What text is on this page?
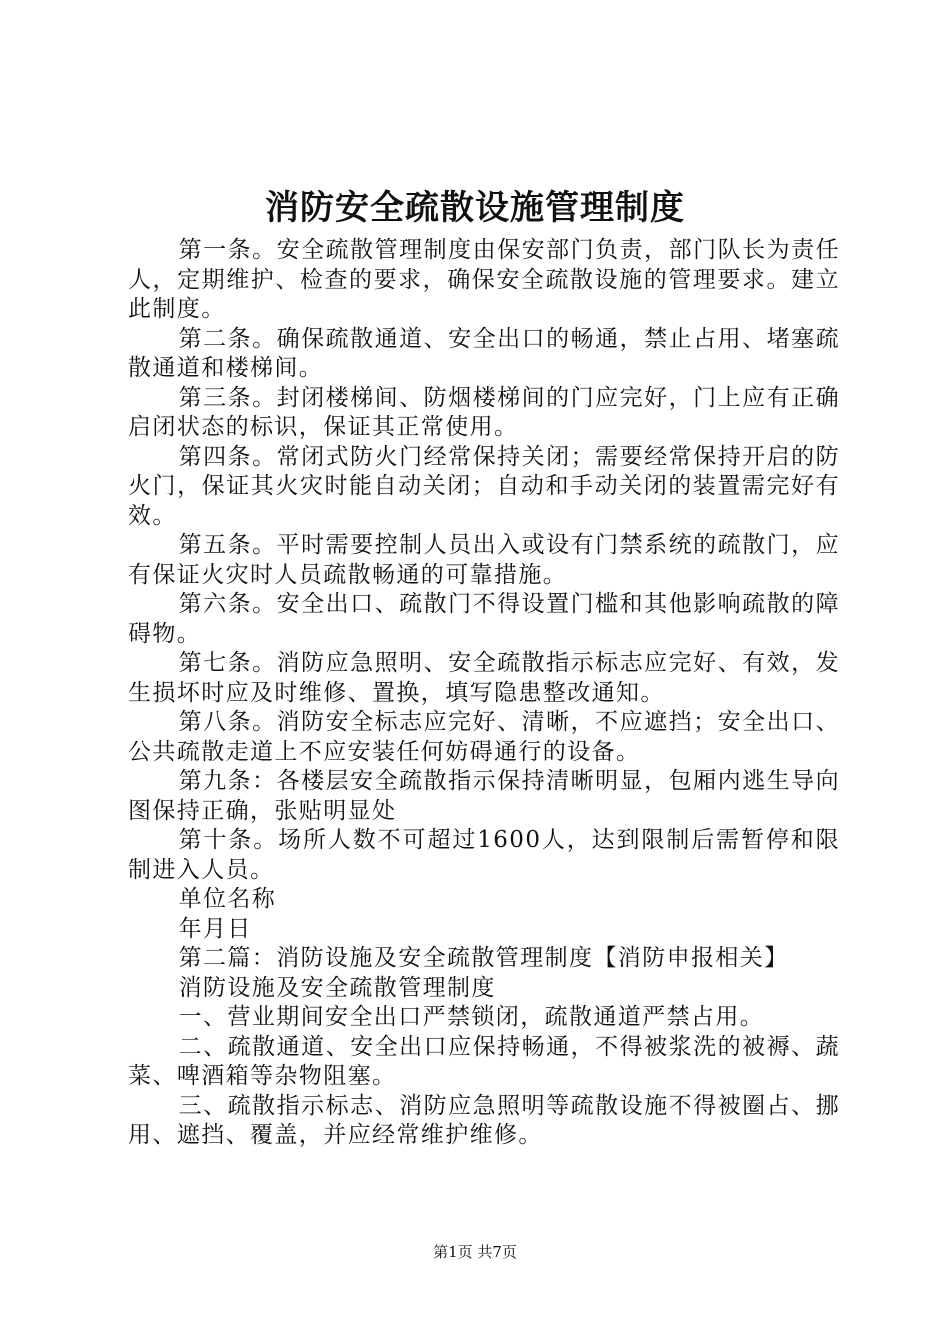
消防安全疏散设施管理制度

第一条。安全疏散管理制度由保安部门负责，部门队长为责任人，定期维护、检查的要求，确保安全疏散设施的管理要求。建立此制度。

第二条。确保疏散通道、安全出口的畅通，禁止占用、堵塞疏散通道和楼梯间。

第三条。封闭楼梯间、防烟楼梯间的门应完好，门上应有正确启闭状态的标识，保证其正常使用。

第四条。常闭式防火门经常保持关闭；需要经常保持开启的防火门，保证其火灾时能自动关闭；自动和手动关闭的装置需完好有效。

第五条。平时需要控制人员出入或设有门禁系统的疏散门，应有保证火灾时人员疏散畅通的可靠措施。

第六条。安全出口、疏散门不得设置门槛和其他影响疏散的障碍物。

第七条。消防应急照明、安全疏散指示标志应完好、有效，发生损坏时应及时维修、置换，填写隐患整改通知。

第八条。消防安全标志应完好、清晰，不应遮挡；安全出口、公共疏散走道上不应安装任何妨碍通行的设备。

第九条：各楼层安全疏散指示保持清晰明显，包厢内逃生导向图保持正确，张贴明显处

第十条。场所人数不可超过1600人，达到限制后需暂停和限制进入人员。

单位名称

年月日

第二篇：消防设施及安全疏散管理制度【消防申报相关】

消防设施及安全疏散管理制度

一、营业期间安全出口严禁锁闭，疏散通道严禁占用。

二、疏散通道、安全出口应保持畅通，不得被浆洗的被褥、蔬菜、啤酒箱等杂物阻塞。

三、疏散指示标志、消防应急照明等疏散设施不得被圈占、挪用、遮挡、覆盖，并应经常维护维修。

第1页 共7页
